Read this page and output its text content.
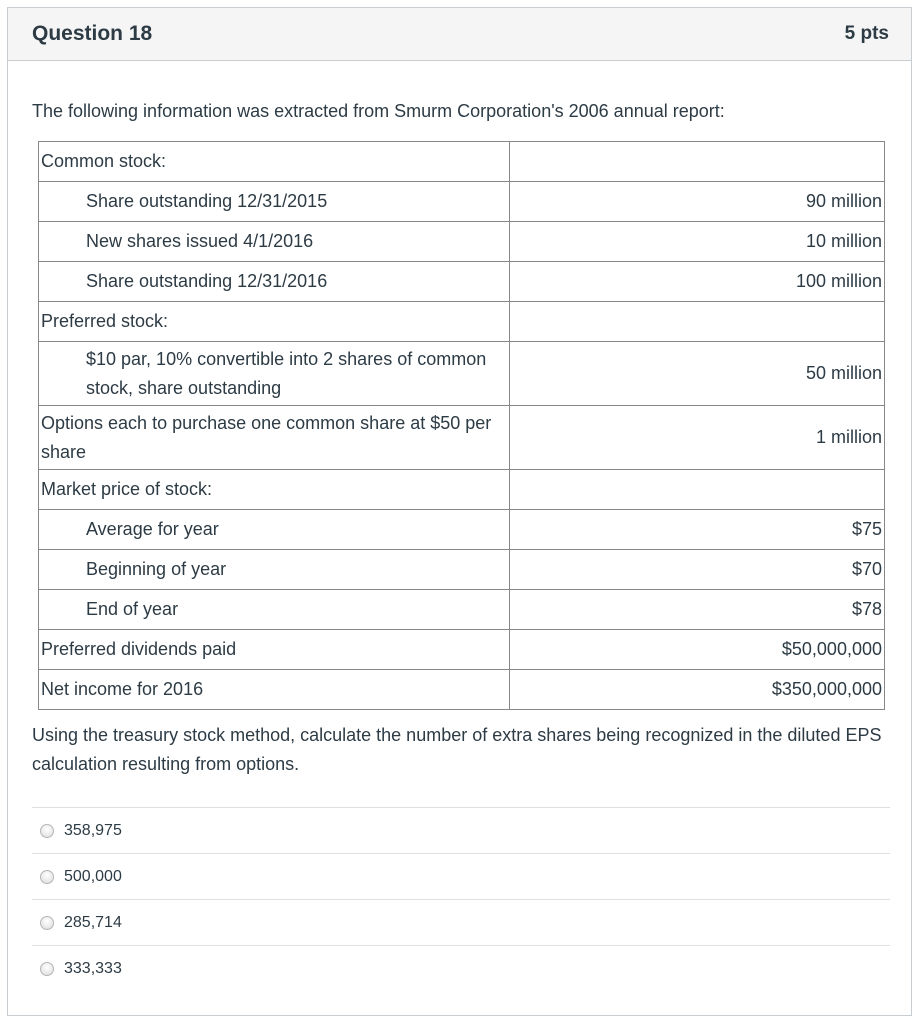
Question 18	5 pts
The following information was extracted from Smurm Corporation's 2006 annual report:
Common stock:	
Share outstanding 12/31/2015	90 million
New shares issued 4/1/2016	10 million
Share outstanding 12/31/2016	100 million
Preferred stock:	
$10 par, 10% convertible into 2 shares of common stock, share outstanding	50 million
Options each to purchase one common share at $50 per share	1 million
Market price of stock:	
Average for year	$75
Beginning of year	$70
End of year	$78
Preferred dividends paid	$50,000,000
Net income for 2016	$350,000,000
Using the treasury stock method, calculate the number of extra shares being recognized in the diluted EPS calculation resulting from options.
358,975
500,000
285,714
333,333
